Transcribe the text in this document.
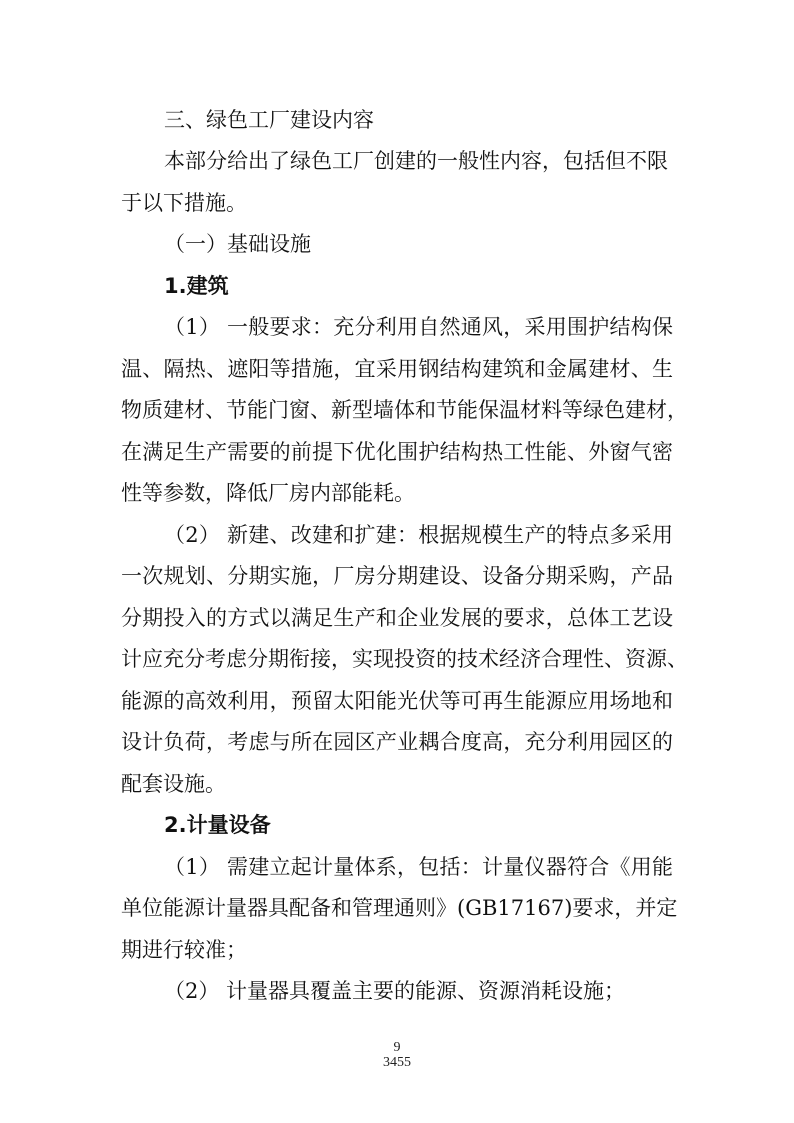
三、绿色工厂建设内容
本部分给出了绿色工厂创建的一般性内容，包括但不限
于以下措施。
（一）基础设施
1.建筑
（1） 一般要求：充分利用自然通风，采用围护结构保
温、隔热、遮阳等措施，宜采用钢结构建筑和金属建材、生
物质建材、节能门窗、新型墙体和节能保温材料等绿色建材，
在满足生产需要的前提下优化围护结构热工性能、外窗气密
性等参数，降低厂房内部能耗。
（2） 新建、改建和扩建：根据规模生产的特点多采用
一次规划、分期实施，厂房分期建设、设备分期采购，产品
分期投入的方式以满足生产和企业发展的要求，总体工艺设
计应充分考虑分期衔接，实现投资的技术经济合理性、资源、
能源的高效利用，预留太阳能光伏等可再生能源应用场地和
设计负荷，考虑与所在园区产业耦合度高，充分利用园区的
配套设施。
2.计量设备
（1） 需建立起计量体系，包括：计量仪器符合《用能
单位能源计量器具配备和管理通则》(GB17167)要求，并定
期进行较准；
（2） 计量器具覆盖主要的能源、资源消耗设施；
9
3455
